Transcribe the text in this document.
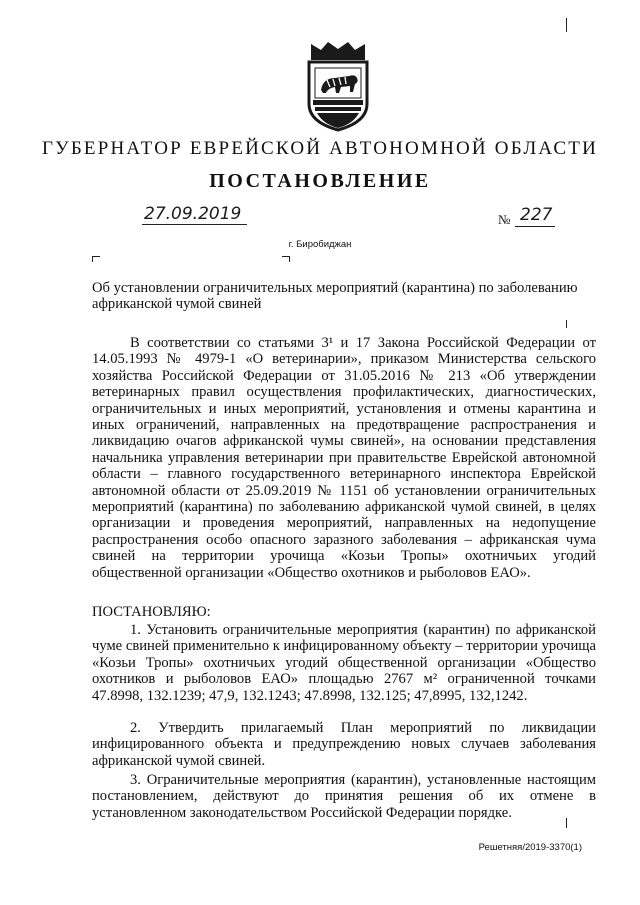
ГУБЕРНАТОР ЕВРЕЙСКОЙ АВТОНОМНОЙ ОБЛАСТИ
ПОСТАНОВЛЕНИЕ
27.09.2019	№ 227
г. Биробиджан
Об установлении ограничительных мероприятий (карантина) по заболеванию африканской чумой свиней
В соответствии со статьями 3¹ и 17 Закона Российской Федерации от 14.05.1993 № 4979-1 «О ветеринарии», приказом Министерства сельского хозяйства Российской Федерации от 31.05.2016 № 213 «Об утверждении ветеринарных правил осуществления профилактических, диагностических, ограничительных и иных мероприятий, установления и отмены карантина и иных ограничений, направленных на предотвращение распространения и ликвидацию очагов африканской чумы свиней», на основании представления начальника управления ветеринарии при правительстве Еврейской автономной области – главного государственного ветеринарного инспектора Еврейской автономной области от 25.09.2019 № 1151 об установлении ограничительных мероприятий (карантина) по заболеванию африканской чумой свиней, в целях организации и проведения мероприятий, направленных на недопущение распространения особо опасного заразного заболевания – африканская чума свиней на территории урочища «Козьи Тропы» охотничьих угодий общественной организации «Общество охотников и рыболовов ЕАО».
ПОСТАНОВЛЯЮ:
1. Установить ограничительные мероприятия (карантин) по африканской чуме свиней применительно к инфицированному объекту – территории урочища «Козьи Тропы» охотничьих угодий общественной организации «Общество охотников и рыболовов ЕАО» площадью 2767 м² ограниченной точками 47.8998, 132.1239; 47,9, 132.1243; 47.8998, 132.125; 47,8995, 132,1242.
2. Утвердить прилагаемый План мероприятий по ликвидации инфицированного объекта и предупреждению новых случаев заболевания африканской чумой свиней.
3. Ограничительные мероприятия (карантин), установленные настоящим постановлением, действуют до принятия решения об их отмене в установленном законодательством Российской Федерации порядке.
Решетняя/2019-3370(1)
